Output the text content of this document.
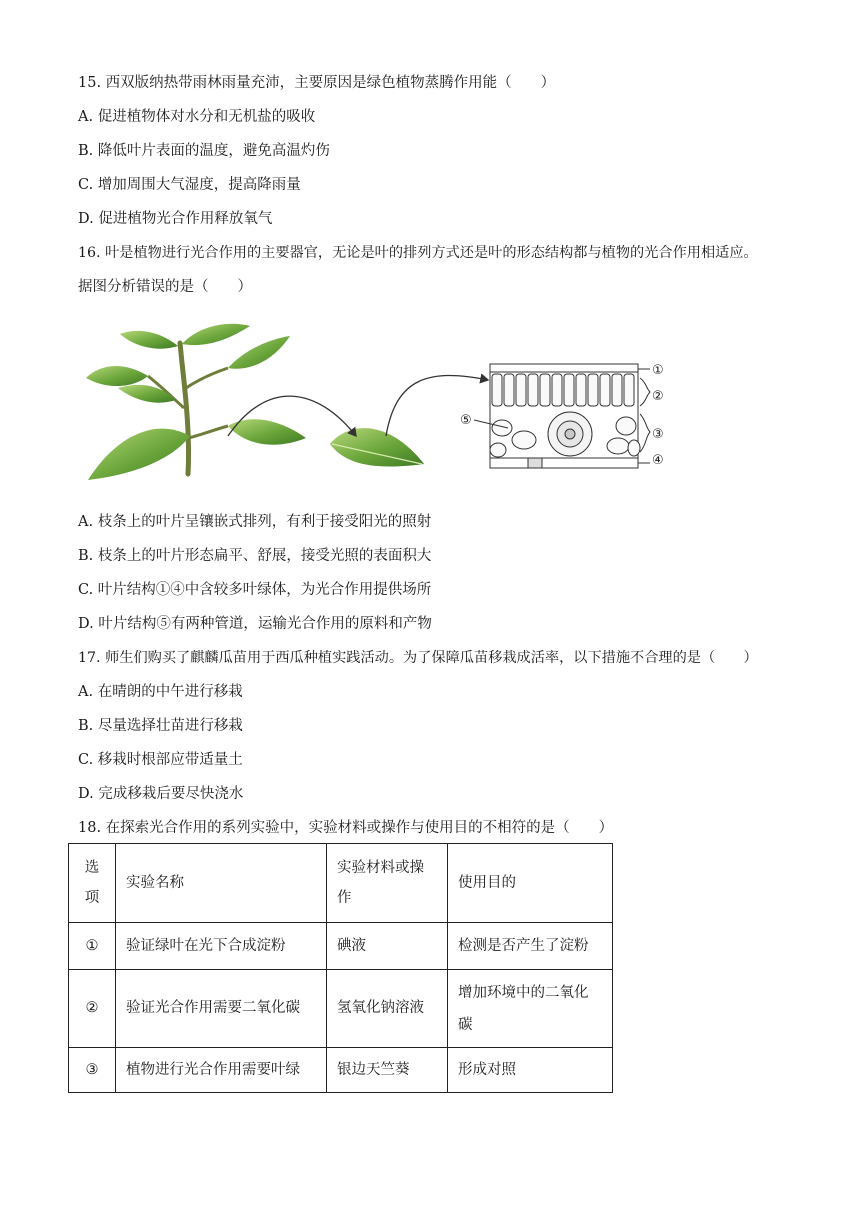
15. 西双版纳热带雨林雨量充沛，主要原因是绿色植物蒸腾作用能（　　）
A. 促进植物体对水分和无机盐的吸收
B. 降低叶片表面的温度，避免高温灼伤
C. 增加周围大气湿度，提高降雨量
D. 促进植物光合作用释放氧气
16. 叶是植物进行光合作用的主要器官，无论是叶的排列方式还是叶的形态结构都与植物的光合作用相适应。
据图分析错误的是（　　）
①
②
③
④
⑤
A. 枝条上的叶片呈镶嵌式排列，有利于接受阳光的照射
B. 枝条上的叶片形态扁平、舒展，接受光照的表面积大
C. 叶片结构①④中含较多叶绿体，为光合作用提供场所
D. 叶片结构⑤有两种管道，运输光合作用的原料和产物
17. 师生们购买了麒麟瓜苗用于西瓜种植实践活动。为了保障瓜苗移栽成活率，以下措施不合理的是（　　）
A. 在晴朗的中午进行移栽
B. 尽量选择壮苗进行移栽
C. 移栽时根部应带适量土
D. 完成移栽后要尽快浇水
18. 在探索光合作用的系列实验中，实验材料或操作与使用目的不相符的是（　　）
选项	实验名称	实验材料或操作	使用目的
①	验证绿叶在光下合成淀粉	碘液	检测是否产生了淀粉
②	验证光合作用需要二氧化碳	氢氧化钠溶液	增加环境中的二氧化碳
③	植物进行光合作用需要叶绿	银边天竺葵	形成对照
